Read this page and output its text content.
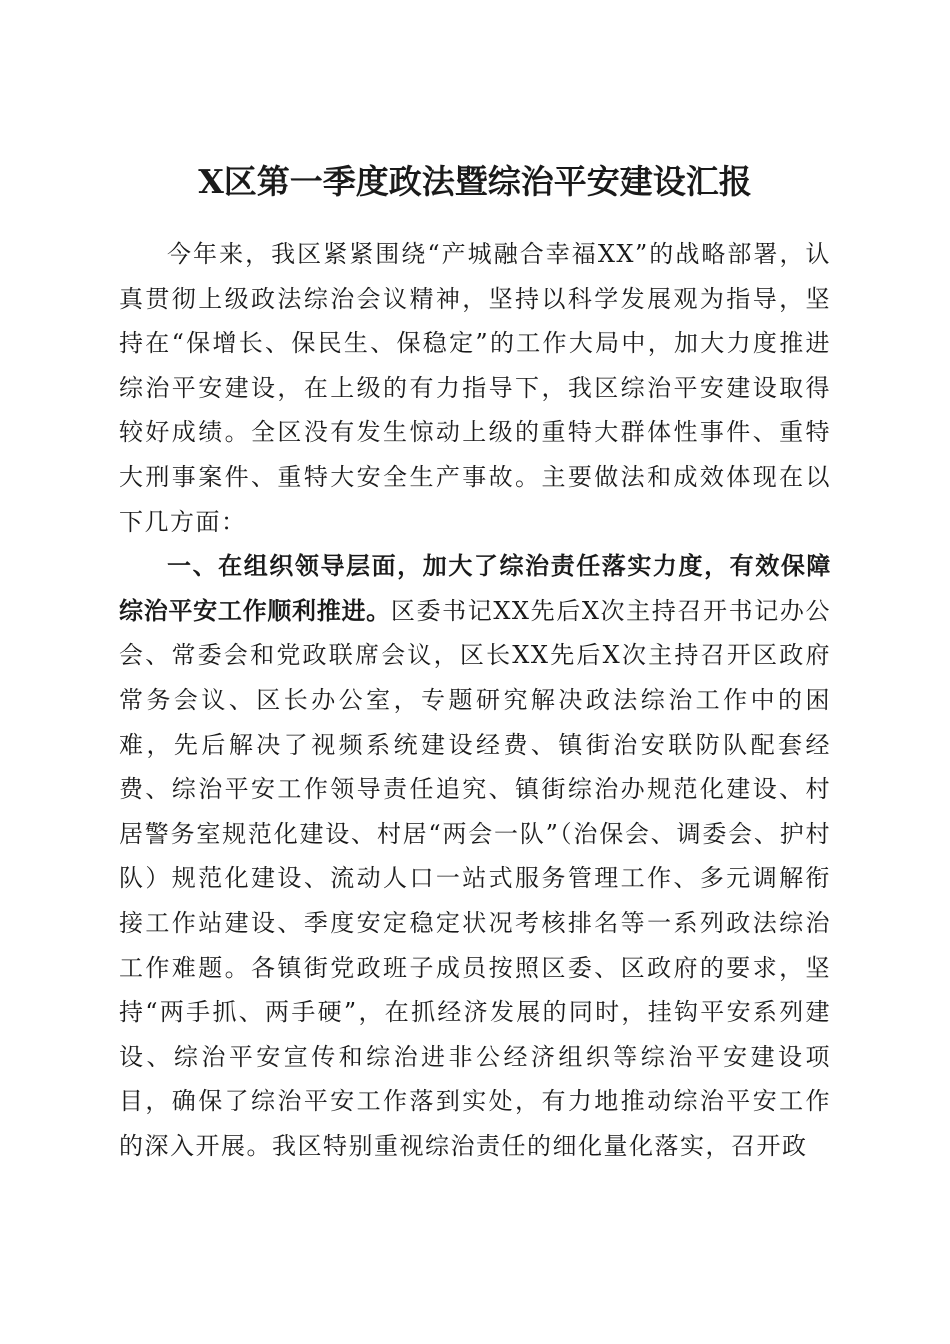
X区第一季度政法暨综治平安建设汇报

今年来，我区紧紧围绕“产城融合幸福XX”的战略部署，认真贯彻上级政法综治会议精神，坚持以科学发展观为指导，坚持在“保增长、保民生、保稳定”的工作大局中，加大力度推进综治平安建设，在上级的有力指导下，我区综治平安建设取得较好成绩。全区没有发生惊动上级的重特大群体性事件、重特大刑事案件、重特大安全生产事故。主要做法和成效体现在以下几方面：

一、在组织领导层面，加大了综治责任落实力度，有效保障综治平安工作顺利推进。区委书记XX先后X次主持召开书记办公会、常委会和党政联席会议，区长XX先后X次主持召开区政府常务会议、区长办公室，专题研究解决政法综治工作中的困难，先后解决了视频系统建设经费、镇街治安联防队配套经费、综治平安工作领导责任追究、镇街综治办规范化建设、村居警务室规范化建设、村居“两会一队”（治保会、调委会、护村队）规范化建设、流动人口一站式服务管理工作、多元调解衔接工作站建设、季度安定稳定状况考核排名等一系列政法综治工作难题。各镇街党政班子成员按照区委、区政府的要求，坚持“两手抓、两手硬”，在抓经济发展的同时，挂钩平安系列建设、综治平安宣传和综治进非公经济组织等综治平安建设项目，确保了综治平安工作落到实处，有力地推动综治平安工作的深入开展。我区特别重视综治责任的细化量化落实，召开政
